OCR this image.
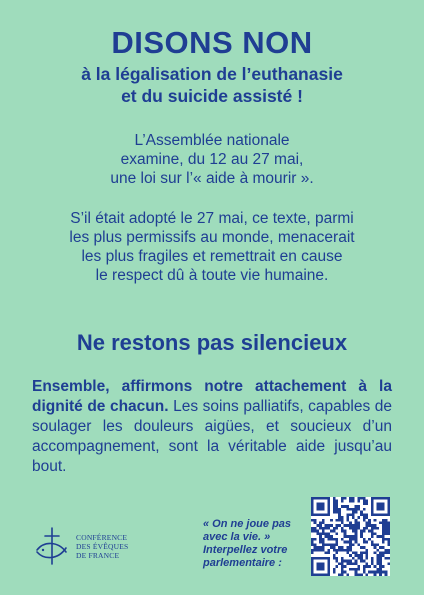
DISONS NON
à la légalisation de l’euthanasie
et du suicide assisté !
L’Assemblée nationale
examine, du 12 au 27 mai,
une loi sur l’« aide à mourir ».
S’il était adopté le 27 mai, ce texte, parmi
les plus permissifs au monde, menacerait
les plus fragiles et remettrait en cause
le respect dû à toute vie humaine.
Ne restons pas silencieux

Ensemble, affirmons notre attachement à la dignité de chacun. Les soins palliatifs, capables de soulager les douleurs aigües, et soucieux d’un accompagnement, sont la véritable aide jusqu’au bout.

CONFÉRENCE
DES ÉVÊQUES
DE FRANCE
« On ne joue pas
avec la vie. »
Interpellez votre
parlementaire :
